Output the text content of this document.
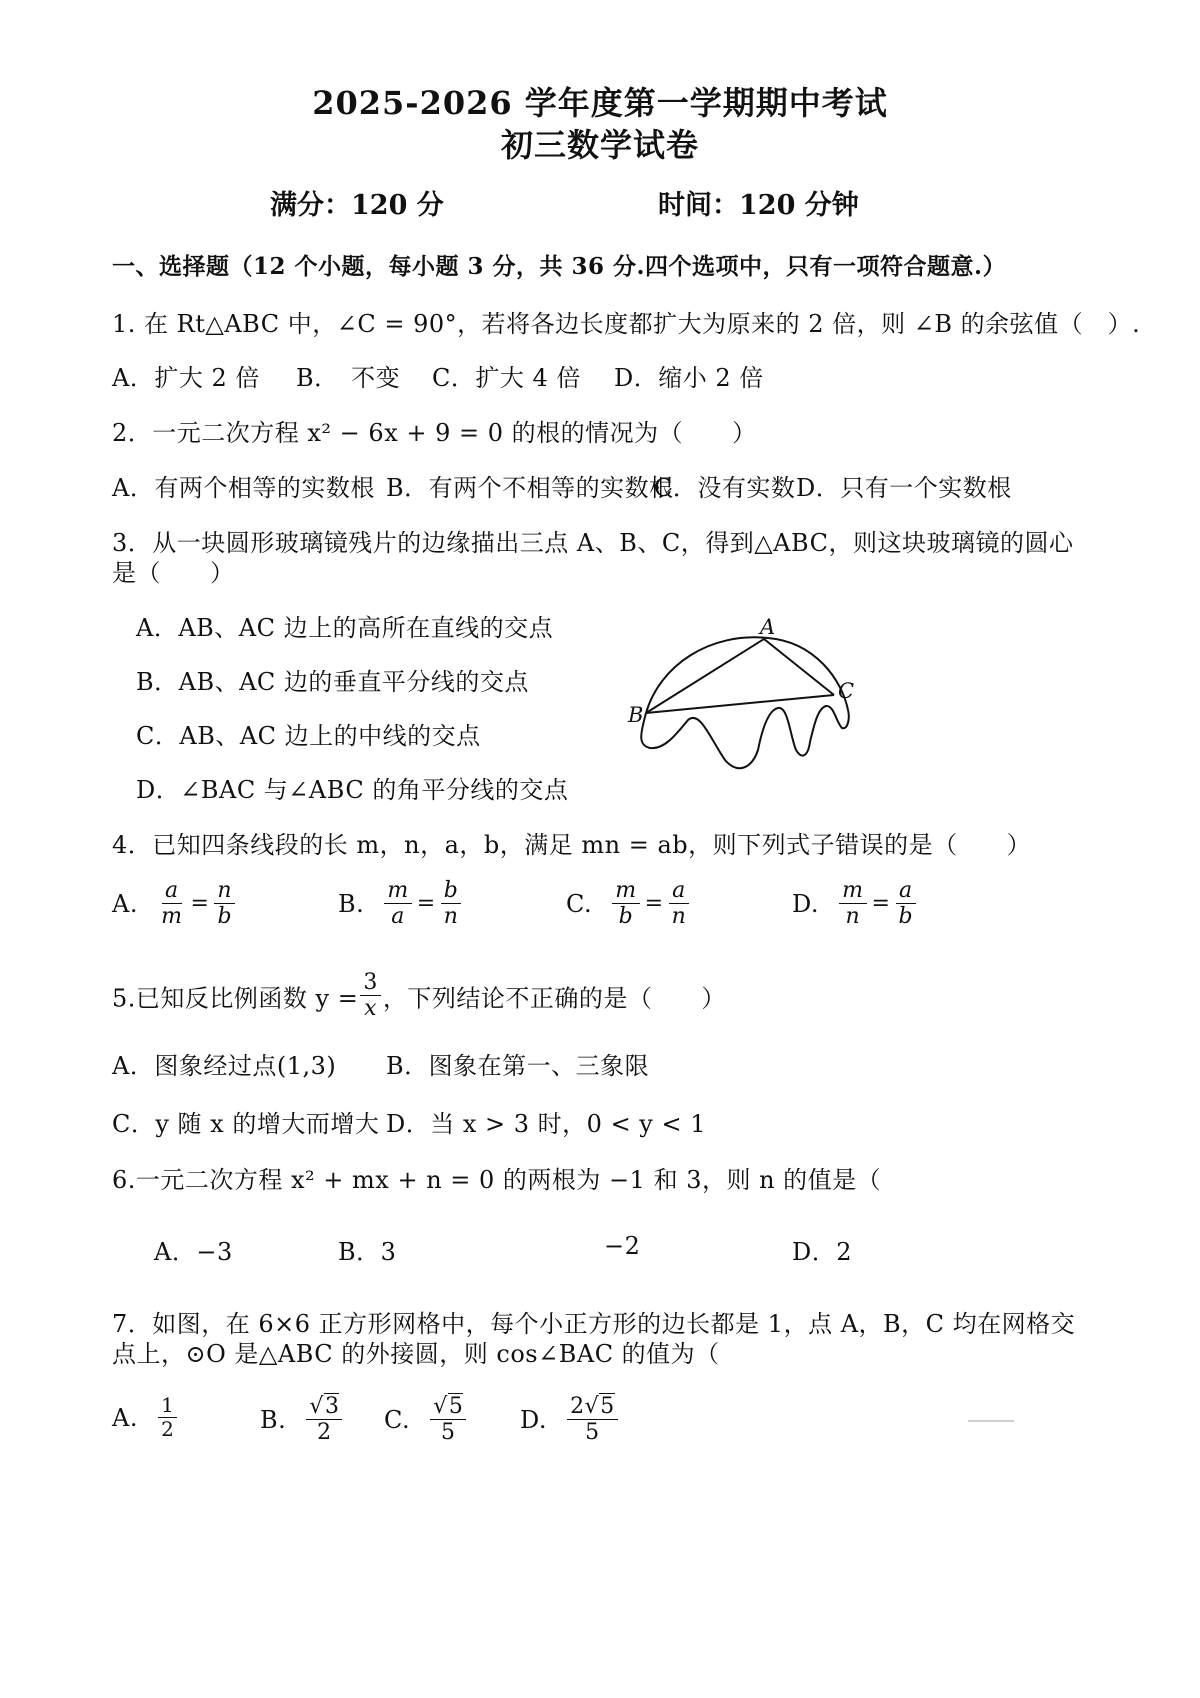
2025-2026 学年度第一学期期中考试
初三数学试卷
满分：120 分	时间：120 分钟
一、选择题（12 个小题，每小题 3 分，共 36 分.四个选项中，只有一项符合题意.）
1. 在 Rt△ABC 中，∠C = 90°，若将各边长度都扩大为原来的 2 倍，则 ∠B 的余弦值（　）.
A．扩大 2 倍 B．　不变 C．扩大 4 倍 D．缩小 2 倍
2．一元二次方程 x² − 6x + 9 = 0 的根的情况为（　　）
A．有两个相等的实数根 B．有两个不相等的实数根
C．没有实数 D．只有一个实数根
3．从一块圆形玻璃镜残片的边缘描出三点 A、B、C，得到△ABC，则这块玻璃镜的圆心
是（　　）
A．AB、AC 边上的高所在直线的交点
B．AB、AC 边的垂直平分线的交点
C．AB、AC 边上的中线的交点
D．∠BAC 与∠ABC 的角平分线的交点
A
B
C
4．已知四条线段的长 m，n，a，b，满足 mn = ab，则下列式子错误的是（　　）
A. $\frac{a}{m} = \frac{n}{b}$	B. $\frac{m}{a} = \frac{b}{n}$	C. $\frac{m}{b} = \frac{a}{n}$	D. $\frac{m}{n} = \frac{a}{b}$
5.已知反比例函数 $y = \frac{3}{x}$ ，下列结论不正确的是（　　）
A．图象经过点(1,3) B．图象在第一、三象限
C．y 随 x 的增大而增大 D．当 x > 3 时，0 < y < 1
6.一元二次方程 x² + mx + n = 0 的两根为 −1 和 3，则 n 的值是（
A．−3	B．3	−2	D．2
7．如图，在 6×6 正方形网格中，每个小正方形的边长都是 1，点 A，B，C 均在网格交
点上，⊙O 是△ABC 的外接圆，则 cos∠BAC 的值为（
A. $\frac{1}{2}$	B. $\frac{√3}{2} C$. $\frac{√5}{5} D$. $\frac{2√5}{5}$
